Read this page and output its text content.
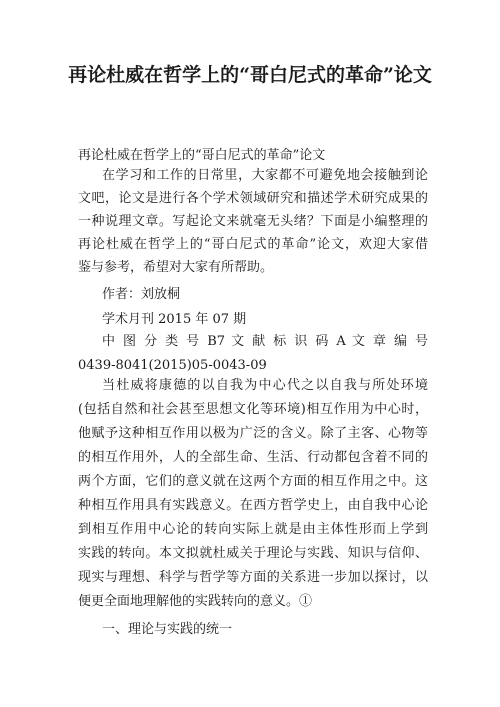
再论杜威在哲学上的“哥白尼式的革命”论文

再论杜威在哲学上的“哥白尼式的革命”论文

在学习和工作的日常里，大家都不可避免地会接触到论

文吧，论文是进行各个学术领域研究和描述学术研究成果的

一种说理文章。写起论文来就毫无头绪？下面是小编整理的

再论杜威在哲学上的“哥白尼式的革命”论文，欢迎大家借

鉴与参考，希望对大家有所帮助。

作者：刘放桐

学术月刊 2015 年 07 期

中 图 分 类 号 B7 文 献 标 识 码 A 文 章 编 号

0439-8041(2015)05-0043-09

当杜威将康德的以自我为中心代之以自我与所处环境

(包括自然和社会甚至思想文化等环境)相互作用为中心时，

他赋予这种相互作用以极为广泛的含义。除了主客、心物等

的相互作用外，人的全部生命、生活、行动都包含着不同的

两个方面，它们的意义就在这两个方面的相互作用之中。这

种相互作用具有实践意义。在西方哲学史上，由自我中心论

到相互作用中心论的转向实际上就是由主体性形而上学到

实践的转向。本文拟就杜威关于理论与实践、知识与信仰、

现实与理想、科学与哲学等方面的关系进一步加以探讨，以

便更全面地理解他的实践转向的意义。①

一、理论与实践的统一
